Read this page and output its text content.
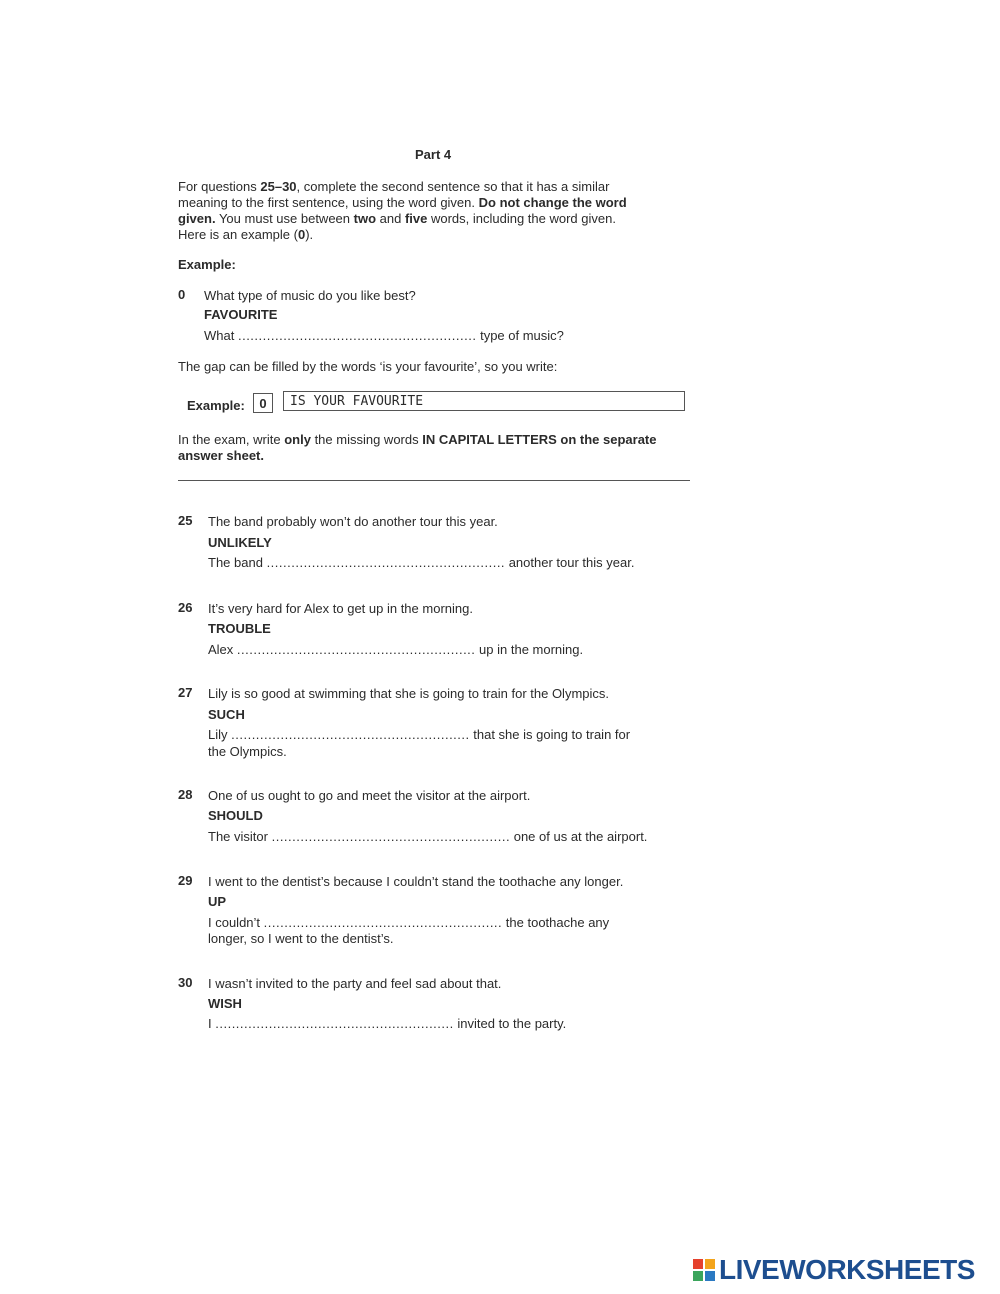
Part 4
For questions 25–30, complete the second sentence so that it has a similar
meaning to the first sentence, using the word given. Do not change the word
given. You must use between two and five words, including the word given.
Here is an example (0).
Example:
0 What type of music do you like best?
FAVOURITE
What .......................................................... type of music?
The gap can be filled by the words ‘is your favourite’, so you write:
Example:	0	IS YOUR FAVOURITE
In the exam, write only the missing words IN CAPITAL LETTERS on the separate
answer sheet.
25 The band probably won’t do another tour this year.
UNLIKELY
The band .......................................................... another tour this year.
26 It’s very hard for Alex to get up in the morning.
TROUBLE
Alex .......................................................... up in the morning.
27 Lily is so good at swimming that she is going to train for the Olympics.
SUCH
Lily .......................................................... that she is going to train for
the Olympics.
28 One of us ought to go and meet the visitor at the airport.
SHOULD
The visitor .......................................................... one of us at the airport.
29 I went to the dentist’s because I couldn’t stand the toothache any longer.
UP
I couldn’t .......................................................... the toothache any
longer, so I went to the dentist’s.
30 I wasn’t invited to the party and feel sad about that.
WISH
I .......................................................... invited to the party.
LIVEWORKSHEETS
